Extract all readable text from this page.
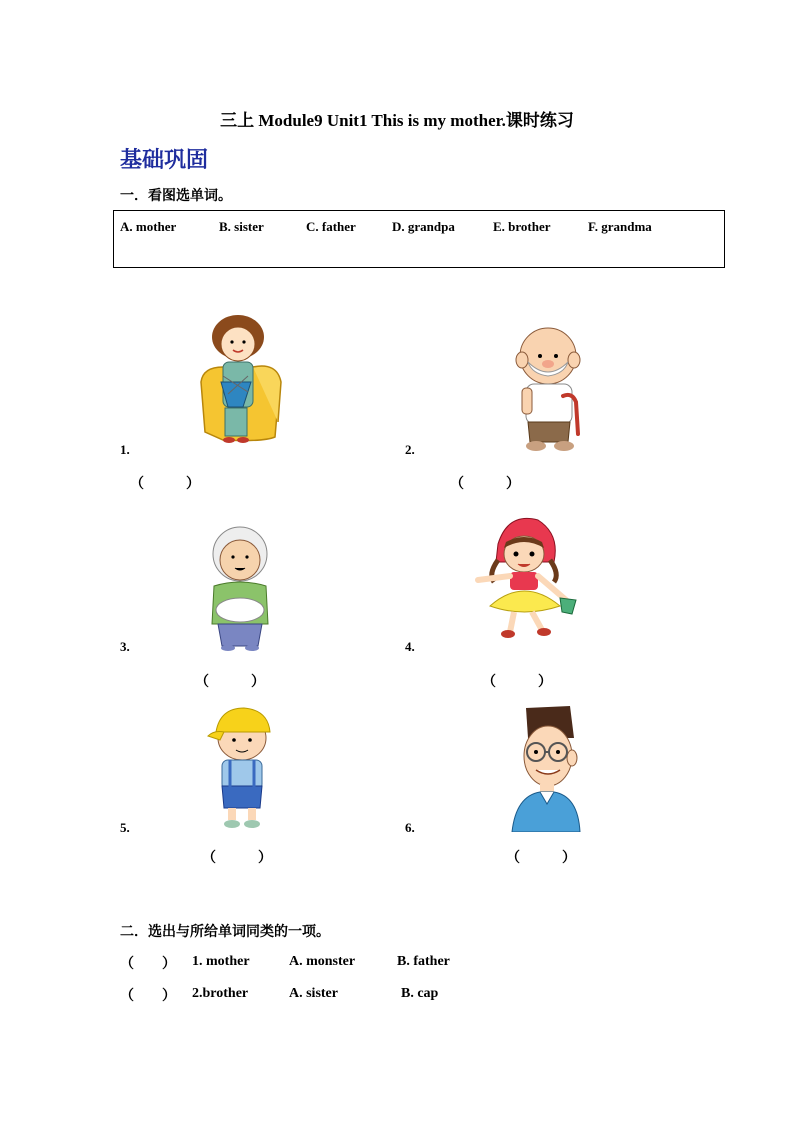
三上 Module9 Unit1 This is my mother.课时练习
基础巩固
一．看图选单词。
A. mother	B. sister	C. father	D. grandpa	E. brother	F. grandma
1.	2.
（　　　）	（　　　）
3.	4.
（　　　）	（　　　）
5.	6.
（　　　）	（　　　）
二．选出与所给单词同类的一项。
（　　） 1. mother	A. monster	B. father
（　　） 2.brother	A. sister	B. cap
